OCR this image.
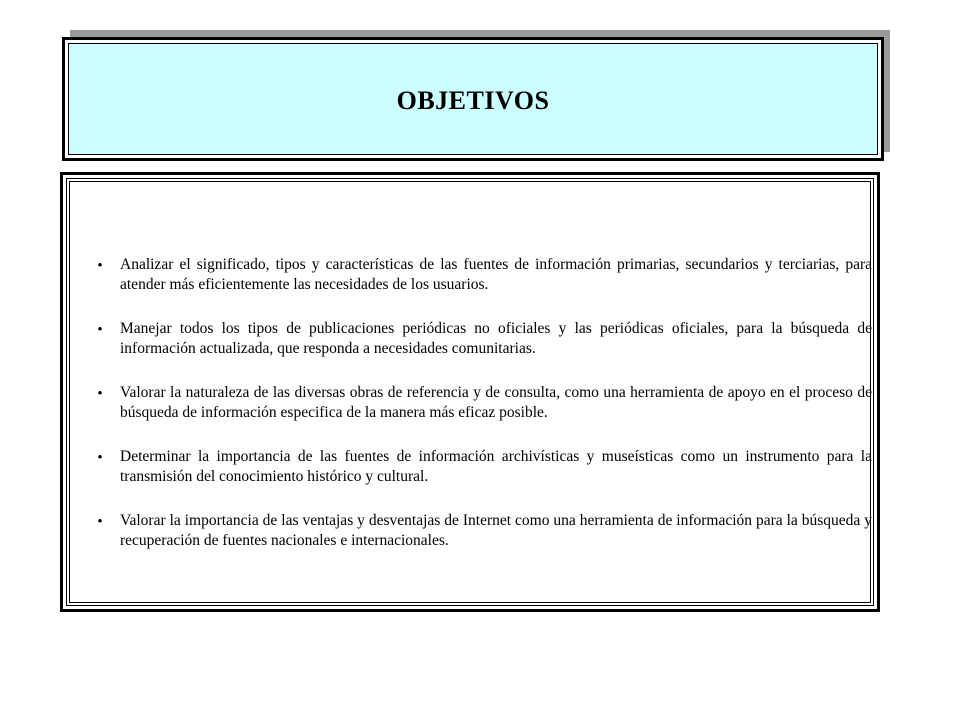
OBJETIVOS
•	Analizar el significado, tipos y características de las fuentes de información primarias, secundarios y terciarias, para atender más eficientemente las necesidades de los usuarios.
•	Manejar todos los tipos de publicaciones periódicas no oficiales y las periódicas oficiales, para la búsqueda de información actualizada, que responda a necesidades comunitarias.
•	Valorar la naturaleza de las diversas obras de referencia y de consulta, como una herramienta de apoyo en el proceso de búsqueda de información especifica de la manera más eficaz posible.
•	Determinar la importancia de las fuentes de información archivísticas y museísticas como un instrumento para la transmisión del conocimiento histórico y cultural.
•	Valorar la importancia de las ventajas y desventajas de Internet como una herramienta de información para la búsqueda y recuperación de fuentes nacionales e internacionales.
